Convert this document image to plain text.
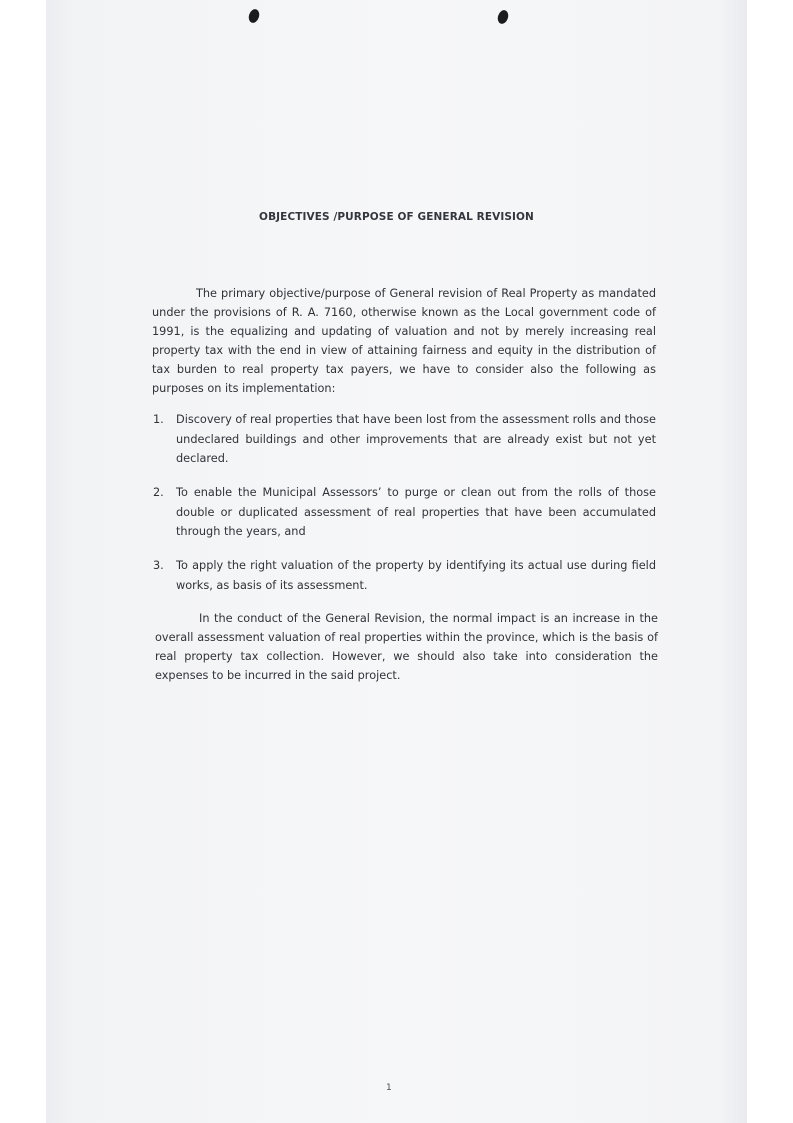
OBJECTIVES /PURPOSE OF GENERAL REVISION

The primary objective/purpose of General revision of Real Property as mandated under the provisions of R. A. 7160, otherwise known as the Local government code of 1991, is the equalizing and updating of valuation and not by merely increasing real property tax with the end in view of attaining fairness and equity in the distribution of tax burden to real property tax payers, we have to consider also the following as purposes on its implementation:

1. Discovery of real properties that have been lost from the assessment rolls and those undeclared buildings and other improvements that are already exist but not yet declared.
2. To enable the Municipal Assessors’ to purge or clean out from the rolls of those double or duplicated assessment of real properties that have been accumulated through the years, and
3. To apply the right valuation of the property by identifying its actual use during field works, as basis of its assessment.

In the conduct of the General Revision, the normal impact is an increase in the overall assessment valuation of real properties within the province, which is the basis of real property tax collection. However, we should also take into consideration the expenses to be incurred in the said project.

1
